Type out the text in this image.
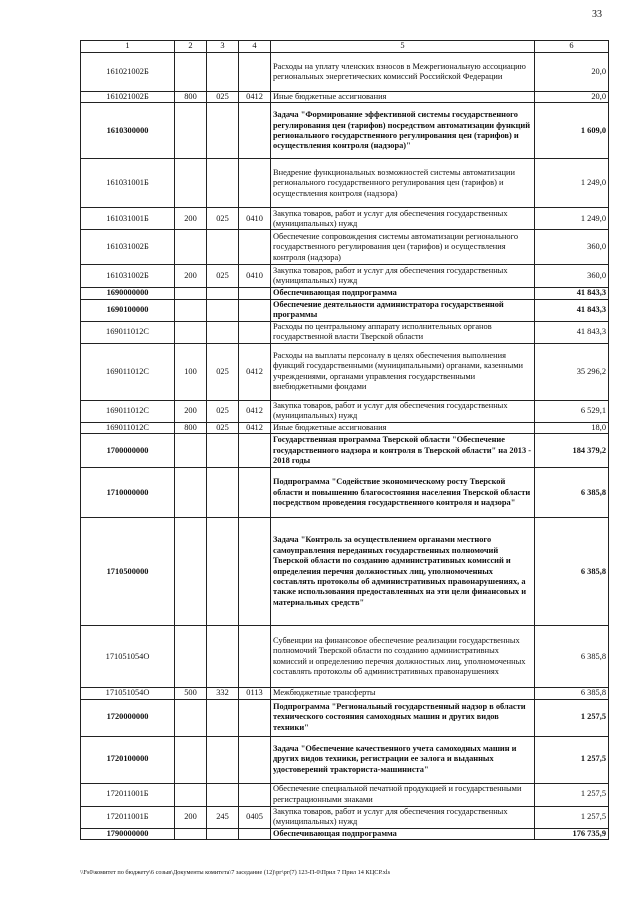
33
1	2	3	4	5	6
161021002Б				Расходы на уплату членских взносов в Межрегиональную ассоциацию региональных энергетических комиссий Российской Федерации	20,0
161021002Б	800	025	0412	Иные бюджетные ассигнования	20,0
1610300000				Задача "Формирование эффективной системы государственного регулирования цен (тарифов) посредством автоматизации функций регионального государственного регулирования цен (тарифов) и осуществления контроля (надзора)"	1 609,0
161031001Б				Внедрение функциональных возможностей системы автоматизации регионального государственного регулирования цен (тарифов) и осуществления контроля (надзора)	1 249,0
161031001Б	200	025	0410	Закупка товаров, работ и услуг для обеспечения государственных (муниципальных) нужд	1 249,0
161031002Б				Обеспечение сопровождения системы автоматизации регионального государственного регулирования цен (тарифов) и осуществления контроля (надзора)	360,0
161031002Б	200	025	0410	Закупка товаров, работ и услуг для обеспечения государственных (муниципальных) нужд	360,0
1690000000				Обеспечивающая подпрограмма	41 843,3
1690100000				Обеспечение деятельности администратора государственной программы	41 843,3
169011012С				Расходы по центральному аппарату исполнительных органов государственной власти Тверской области	41 843,3
169011012С	100	025	0412	Расходы на выплаты персоналу в целях обеспечения выполнения функций государственными (муниципальными) органами, казенными учреждениями, органами управления государственными внебюджетными фондами	35 296,2
169011012С	200	025	0412	Закупка товаров, работ и услуг для обеспечения государственных (муниципальных) нужд	6 529,1
169011012С	800	025	0412	Иные бюджетные ассигнования	18,0
1700000000				Государственная программа Тверской области "Обеспечение государственного надзора и контроля в Тверской области" на 2013 - 2018 годы	184 379,2
1710000000				Подпрограмма "Содействие экономическому росту Тверской области и повышению благосостояния населения Тверской области посредством проведения государственного контроля и надзора"	6 385,8
1710500000				Задача "Контроль за осуществлением органами местного самоуправления переданных государственных полномочий Тверской области по созданию административных комиссий и определения перечня должностных лиц, уполномоченных составлять протоколы об административных правонарушениях, а также использования предоставленных на эти цели финансовых и материальных средств"	6 385,8
171051054О				Субвенции на финансовое обеспечение реализации государственных полномочий Тверской области по созданию административных комиссий и определению перечня должностных лиц, уполномоченных составлять протоколы об административных правонарушениях	6 385,8
171051054О	500	332	0113	Межбюджетные трансферты	6 385,8
1720000000				Подпрограмма "Региональный государственный надзор в области технического состояния самоходных машин и других видов техники"	1 257,5
1720100000				Задача "Обеспечение качественного учета самоходных машин и других видов техники, регистрации ее залога и выданных удостоверений тракториста-машиниста"	1 257,5
172011001Б				Обеспечение специальной печатной продукцией и государственными регистрационными знаками	1 257,5
172011001Б	200	245	0405	Закупка товаров, работ и услуг для обеспечения государственных (муниципальных) нужд	1 257,5
1790000000				Обеспечивающая подпрограмма	176 735,9
\\Fs0\комитет по бюджету\6 созыв\Документы комитета\7 заседание (12)\рг\рг(7) 123-П-0\Прил 7 Прил 14 КЦСР.xls
